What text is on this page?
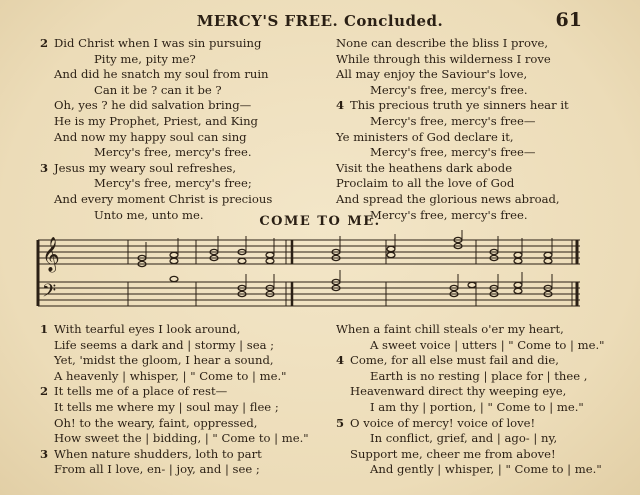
MERCY'S FREE. Concluded.	61
2 Did Christ when I was sin pursuing
Pity me, pity me?
And did he snatch my soul from ruin
Can it be ? can it be ?
Oh, yes ? he did salvation bring—
He is my Prophet, Priest, and King
And now my happy soul can sing
Mercy's free, mercy's free.
3 Jesus my weary soul refreshes,
Mercy's free, mercy's free;
And every moment Christ is precious
Unto me, unto me.
None can describe the bliss I prove,
While through this wilderness I rove
All may enjoy the Saviour's love,
Mercy's free, mercy's free.
4 This precious truth ye sinners hear it
Mercy's free, mercy's free—
Ye ministers of God declare it,
Mercy's free, mercy's free—
Visit the heathens dark abode
Proclaim to all the love of God
And spread the glorious news abroad,
Mercy's free, mercy's free.
COME TO ME.
𝄞
𝄢
1 With tearful eyes I look around,
Life seems a dark and | stormy | sea ;
Yet, 'midst the gloom, I hear a sound,
A heavenly | whisper, | " Come to | me."
2 It tells me of a place of rest—
It tells me where my | soul may | flee ;
Oh! to the weary, faint, oppressed,
How sweet the | bidding, | " Come to | me."
3 When nature shudders, loth to part
From all I love, en- | joy, and | see ;
When a faint chill steals o'er my heart,
A sweet voice | utters | " Come to | me."
4 Come, for all else must fail and die,
Earth is no resting | place for | thee ,
Heavenward direct thy weeping eye,
I am thy | portion, | " Come to | me."
5 O voice of mercy! voice of love!
In conflict, grief, and | ago- | ny,
Support me, cheer me from above!
And gently | whisper, | " Come to | me."
